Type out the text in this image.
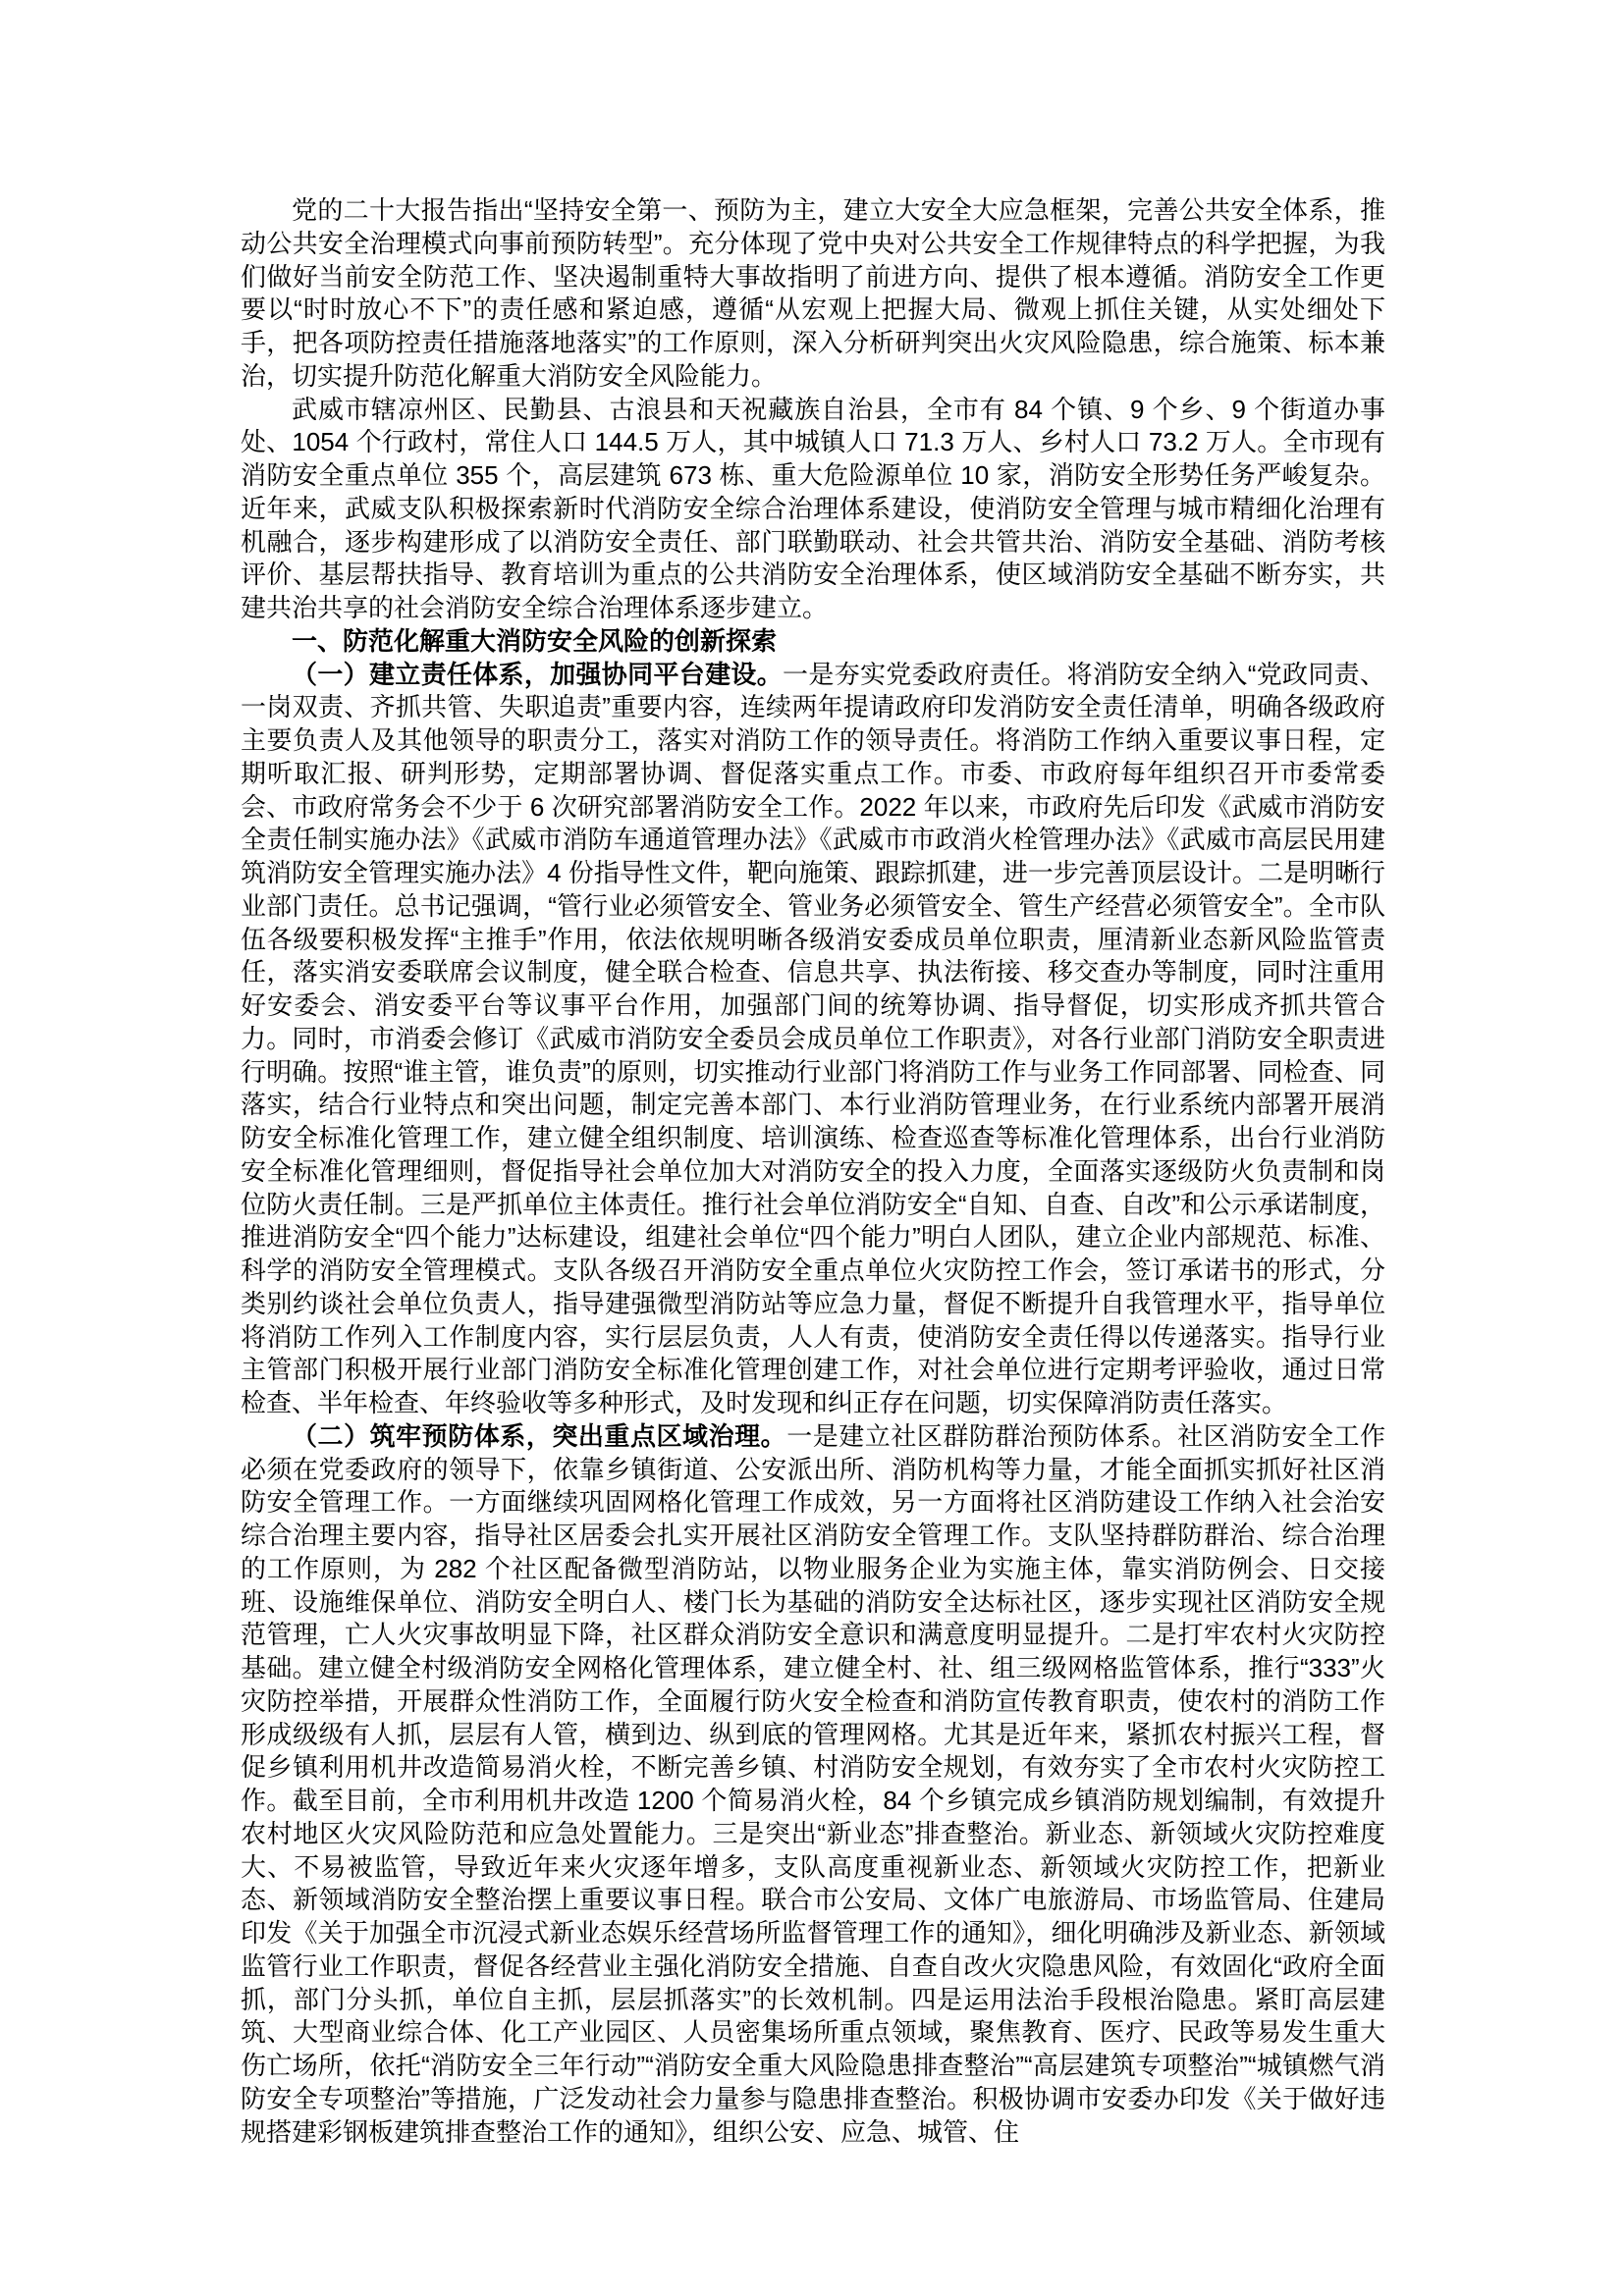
党的二十大报告指出“坚持安全第一、预防为主，建立大安全大应急框架，完善公共安全体系，推动公共安全治理模式向事前预防转型”。充分体现了党中央对公共安全工作规律特点的科学把握，为我们做好当前安全防范工作、坚决遏制重特大事故指明了前进方向、提供了根本遵循。消防安全工作更要以“时时放心不下”的责任感和紧迫感，遵循“从宏观上把握大局、微观上抓住关键，从实处细处下手，把各项防控责任措施落地落实”的工作原则，深入分析研判突出火灾风险隐患，综合施策、标本兼治，切实提升防范化解重大消防安全风险能力。

武威市辖凉州区、民勤县、古浪县和天祝藏族自治县，全市有 84 个镇、9 个乡、9 个街道办事处、1054 个行政村，常住人口 144.5 万人，其中城镇人口 71.3 万人、乡村人口 73.2 万人。全市现有消防安全重点单位 355 个，高层建筑 673 栋、重大危险源单位 10 家，消防安全形势任务严峻复杂。近年来，武威支队积极探索新时代消防安全综合治理体系建设，使消防安全管理与城市精细化治理有机融合，逐步构建形成了以消防安全责任、部门联勤联动、社会共管共治、消防安全基础、消防考核评价、基层帮扶指导、教育培训为重点的公共消防安全治理体系，使区域消防安全基础不断夯实，共建共治共享的社会消防安全综合治理体系逐步建立。

一、防范化解重大消防安全风险的创新探索

（一）建立责任体系，加强协同平台建设。一是夯实党委政府责任。将消防安全纳入“党政同责、一岗双责、齐抓共管、失职追责”重要内容，连续两年提请政府印发消防安全责任清单，明确各级政府主要负责人及其他领导的职责分工，落实对消防工作的领导责任。将消防工作纳入重要议事日程，定期听取汇报、研判形势，定期部署协调、督促落实重点工作。市委、市政府每年组织召开市委常委会、市政府常务会不少于 6 次研究部署消防安全工作。2022 年以来，市政府先后印发《武威市消防安全责任制实施办法》《武威市消防车通道管理办法》《武威市市政消火栓管理办法》《武威市高层民用建筑消防安全管理实施办法》4 份指导性文件，靶向施策、跟踪抓建，进一步完善顶层设计。二是明晰行业部门责任。总书记强调，“管行业必须管安全、管业务必须管安全、管生产经营必须管安全”。全市队伍各级要积极发挥“主推手”作用，依法依规明晰各级消安委成员单位职责，厘清新业态新风险监管责任，落实消安委联席会议制度，健全联合检查、信息共享、执法衔接、移交查办等制度，同时注重用好安委会、消安委平台等议事平台作用，加强部门间的统筹协调、指导督促，切实形成齐抓共管合力。同时，市消委会修订《武威市消防安全委员会成员单位工作职责》，对各行业部门消防安全职责进行明确。按照“谁主管，谁负责”的原则，切实推动行业部门将消防工作与业务工作同部署、同检查、同落实，结合行业特点和突出问题，制定完善本部门、本行业消防管理业务，在行业系统内部署开展消防安全标准化管理工作，建立健全组织制度、培训演练、检查巡查等标准化管理体系，出台行业消防安全标准化管理细则，督促指导社会单位加大对消防安全的投入力度，全面落实逐级防火负责制和岗位防火责任制。三是严抓单位主体责任。推行社会单位消防安全“自知、自查、自改”和公示承诺制度，推进消防安全“四个能力”达标建设，组建社会单位“四个能力”明白人团队，建立企业内部规范、标准、科学的消防安全管理模式。支队各级召开消防安全重点单位火灾防控工作会，签订承诺书的形式，分类别约谈社会单位负责人，指导建强微型消防站等应急力量，督促不断提升自我管理水平，指导单位将消防工作列入工作制度内容，实行层层负责，人人有责，使消防安全责任得以传递落实。指导行业主管部门积极开展行业部门消防安全标准化管理创建工作，对社会单位进行定期考评验收，通过日常检查、半年检查、年终验收等多种形式，及时发现和纠正存在问题，切实保障消防责任落实。

（二）筑牢预防体系，突出重点区域治理。一是建立社区群防群治预防体系。社区消防安全工作必须在党委政府的领导下，依靠乡镇街道、公安派出所、消防机构等力量，才能全面抓实抓好社区消防安全管理工作。一方面继续巩固网格化管理工作成效，另一方面将社区消防建设工作纳入社会治安综合治理主要内容，指导社区居委会扎实开展社区消防安全管理工作。支队坚持群防群治、综合治理的工作原则，为 282 个社区配备微型消防站，以物业服务企业为实施主体，靠实消防例会、日交接班、设施维保单位、消防安全明白人、楼门长为基础的消防安全达标社区，逐步实现社区消防安全规范管理，亡人火灾事故明显下降，社区群众消防安全意识和满意度明显提升。二是打牢农村火灾防控基础。建立健全村级消防安全网格化管理体系，建立健全村、社、组三级网格监管体系，推行“333”火灾防控举措，开展群众性消防工作，全面履行防火安全检查和消防宣传教育职责，使农村的消防工作形成级级有人抓，层层有人管，横到边、纵到底的管理网格。尤其是近年来，紧抓农村振兴工程，督促乡镇利用机井改造简易消火栓，不断完善乡镇、村消防安全规划，有效夯实了全市农村火灾防控工作。截至目前，全市利用机井改造 1200 个简易消火栓，84 个乡镇完成乡镇消防规划编制，有效提升农村地区火灾风险防范和应急处置能力。三是突出“新业态”排查整治。新业态、新领域火灾防控难度大、不易被监管，导致近年来火灾逐年增多，支队高度重视新业态、新领域火灾防控工作，把新业态、新领域消防安全整治摆上重要议事日程。联合市公安局、文体广电旅游局、市场监管局、住建局印发《关于加强全市沉浸式新业态娱乐经营场所监督管理工作的通知》，细化明确涉及新业态、新领域监管行业工作职责，督促各经营业主强化消防安全措施、自查自改火灾隐患风险，有效固化“政府全面抓，部门分头抓，单位自主抓，层层抓落实”的长效机制。四是运用法治手段根治隐患。紧盯高层建筑、大型商业综合体、化工产业园区、人员密集场所重点领域，聚焦教育、医疗、民政等易发生重大伤亡场所，依托“消防安全三年行动”“消防安全重大风险隐患排查整治”“高层建筑专项整治”“城镇燃气消防安全专项整治”等措施，广泛发动社会力量参与隐患排查整治。积极协调市安委办印发《关于做好违规搭建彩钢板建筑排查整治工作的通知》，组织公安、应急、城管、住
